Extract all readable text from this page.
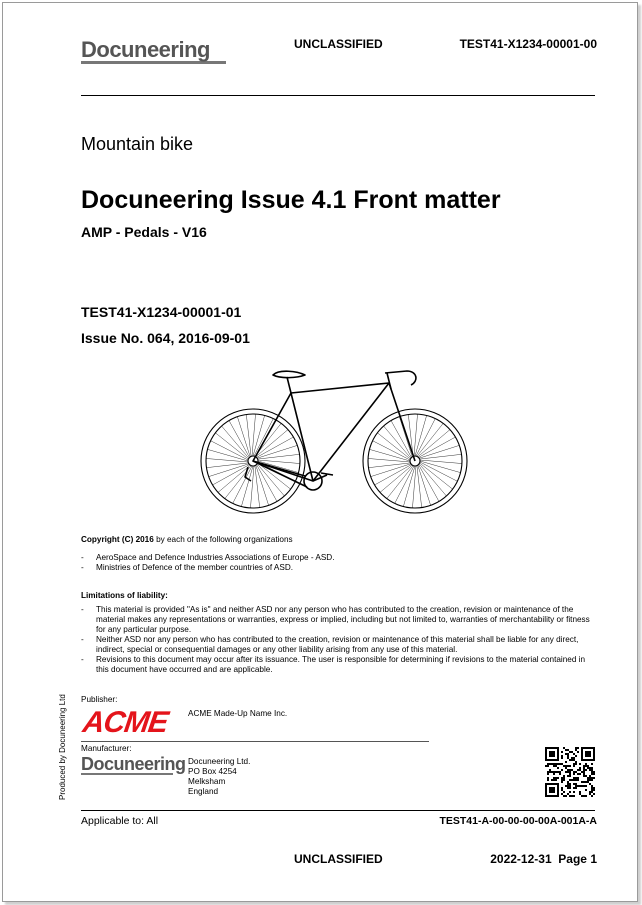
Docuneering	UNCLASSIFIED	TEST41-X1234-00001-00
Mountain bike
Docuneering Issue 4.1 Front matter
AMP - Pedals - V16
TEST41-X1234-00001-01
Issue No. 064, 2016-09-01
Copyright (C) 2016 by each of the following organizations
- AeroSpace and Defence Industries Associations of Europe - ASD.
- Ministries of Defence of the member countries of ASD.
Limitations of liability:
- This material is provided "As is" and neither ASD nor any person who has contributed to the creation, revision or maintenance of the material makes any representations or warranties, express or implied, including but not limited to, warranties of merchantability or fitness for any particular purpose.
- Neither ASD nor any person who has contributed to the creation, revision or maintenance of this material shall be liable for any direct, indirect, special or consequential damages or any other liability arising from any use of this material.
- Revisions to this document may occur after its issuance. The user is responsible for determining if revisions to the material contained in this document have occurred and are applicable.
Produced by Docuneering Ltd Publisher:
ACME ACME Made-Up Name Inc.
Manufacturer:
Docuneering Docuneering Ltd.
PO Box 4254
Melksham
England
Applicable to: All	TEST41-A-00-00-00-00A-001A-A
UNCLASSIFIED	2022-12-31 Page 1
